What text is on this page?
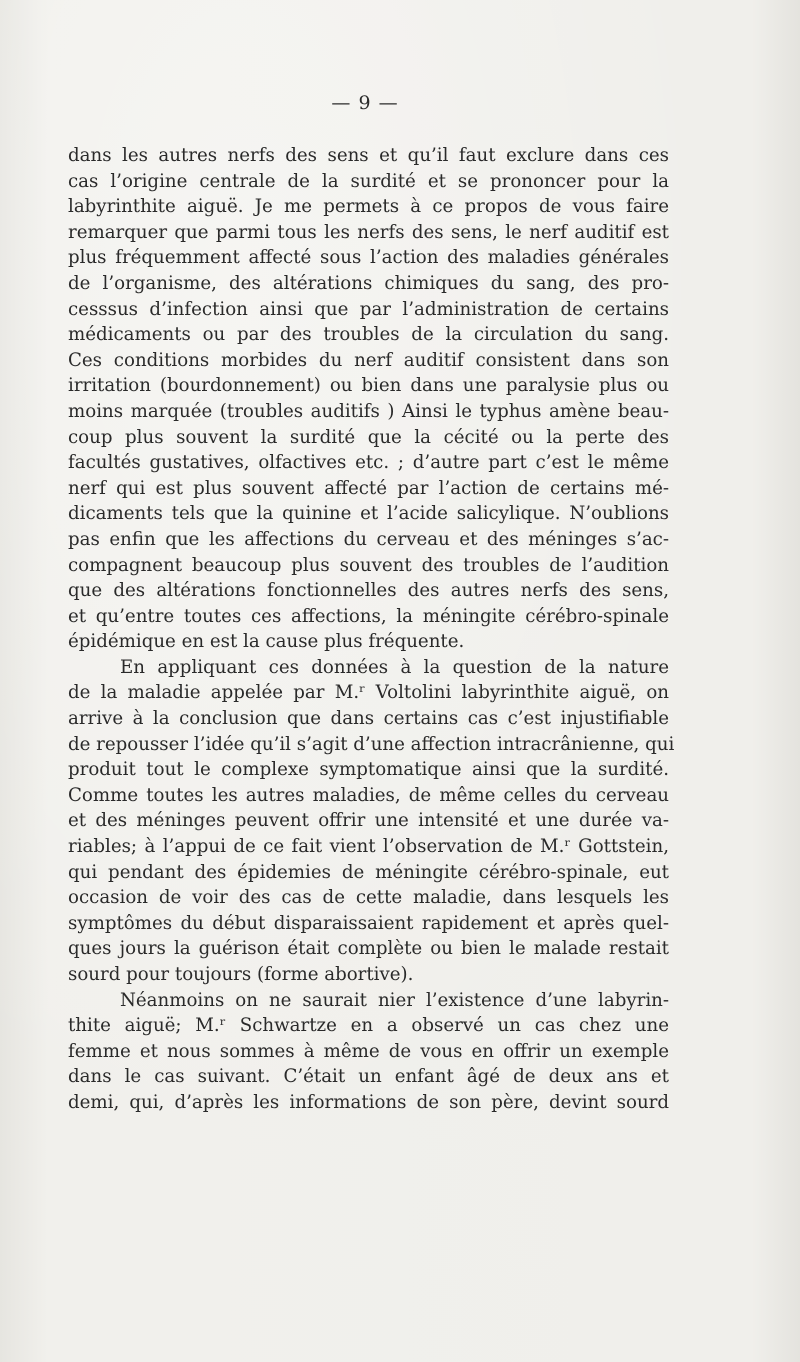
— 9 —
dans les autres nerfs des sens et qu’il faut exclure dans ces
cas l’origine centrale de la surdité et se prononcer pour la
labyrinthite aiguë. Je me permets à ce propos de vous faire
remarquer que parmi tous les nerfs des sens, le nerf auditif est
plus fréquemment affecté sous l’action des maladies générales
de l’organisme, des altérations chimiques du sang, des pro-
cesssus d’infection ainsi que par l’administration de certains
médicaments ou par des troubles de la circulation du sang.
Ces conditions morbides du nerf auditif consistent dans son
irritation (bourdonnement) ou bien dans une paralysie plus ou
moins marquée (troubles auditifs ) Ainsi le typhus amène beau-
coup plus souvent la surdité que la cécité ou la perte des
facultés gustatives, olfactives etc. ; d’autre part c’est le même
nerf qui est plus souvent affecté par l’action de certains mé-
dicaments tels que la quinine et l’acide salicylique. N’oublions
pas enfin que les affections du cerveau et des méninges s’ac-
compagnent beaucoup plus souvent des troubles de l’audition
que des altérations fonctionnelles des autres nerfs des sens,
et qu’entre toutes ces affections, la méningite cérébro-spinale
épidémique en est la cause plus fréquente.
En appliquant ces données à la question de la nature
de la maladie appelée par M.ʳ Voltolini labyrinthite aiguë, on
arrive à la conclusion que dans certains cas c’est injustifiable
de repousser l’idée qu’il s’agit d’une affection intracrânienne, qui
produit tout le complexe symptomatique ainsi que la surdité.
Comme toutes les autres maladies, de même celles du cerveau
et des méninges peuvent offrir une intensité et une durée va-
riables; à l’appui de ce fait vient l’observation de M.ʳ Gottstein,
qui pendant des épidemies de méningite cérébro-spinale, eut
occasion de voir des cas de cette maladie, dans lesquels les
symptômes du début disparaissaient rapidement et après quel-
ques jours la guérison était complète ou bien le malade restait
sourd pour toujours (forme abortive).
Néanmoins on ne saurait nier l’existence d’une labyrin-
thite aiguë; M.ʳ Schwartze en a observé un cas chez une
femme et nous sommes à même de vous en offrir un exemple
dans le cas suivant. C’était un enfant âgé de deux ans et
demi, qui, d’après les informations de son père, devint sourd
